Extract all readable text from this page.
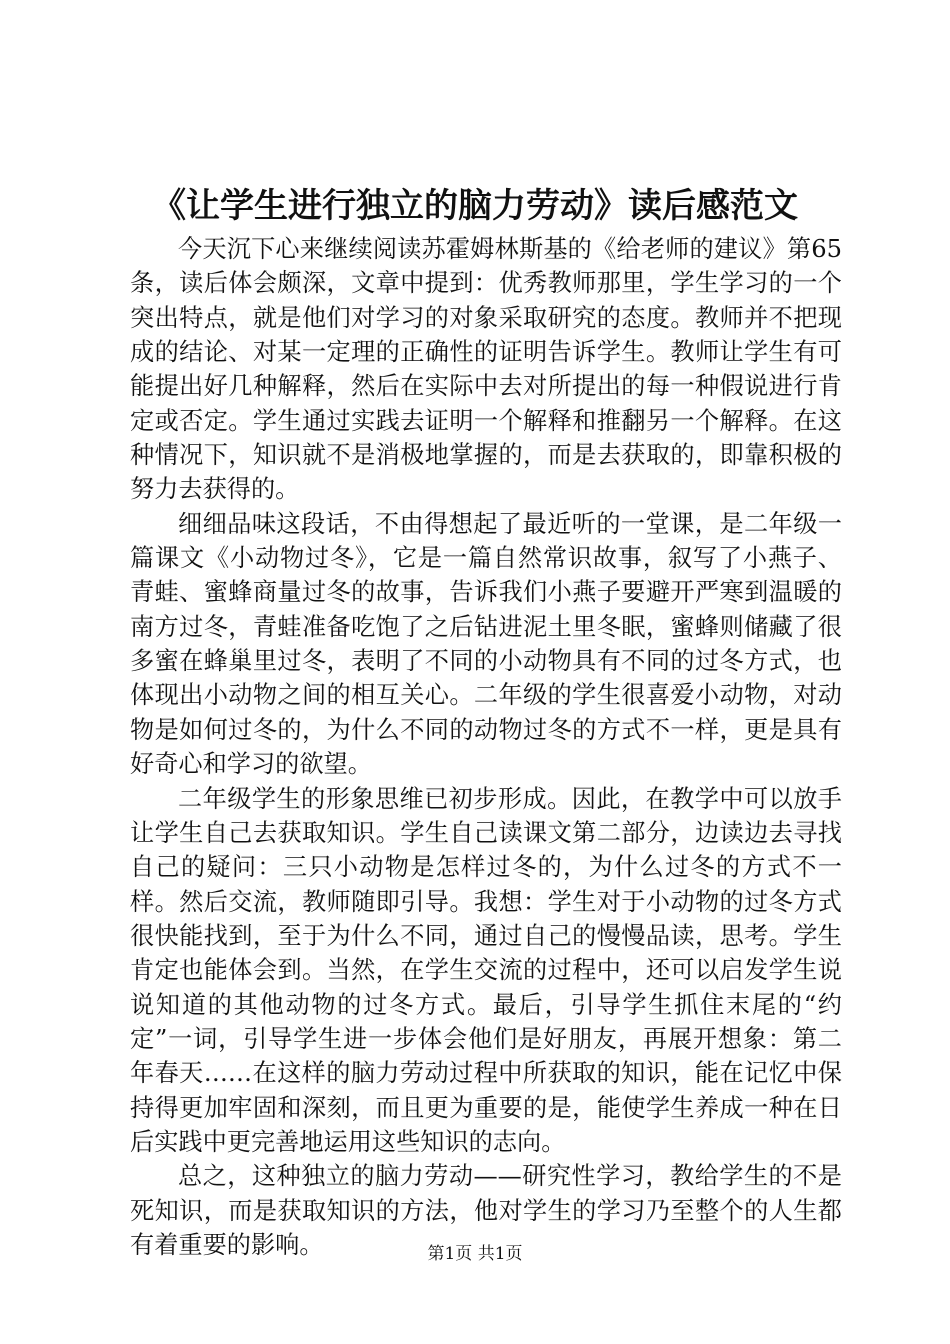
《让学生进行独立的脑力劳动》读后感范文

今天沉下心来继续阅读苏霍姆林斯基的《给老师的建议》第65条，读后体会颇深，文章中提到：优秀教师那里，学生学习的一个突出特点，就是他们对学习的对象采取研究的态度。教师并不把现成的结论、对某一定理的正确性的证明告诉学生。教师让学生有可能提出好几种解释，然后在实际中去对所提出的每一种假说进行肯定或否定。学生通过实践去证明一个解释和推翻另一个解释。在这种情况下，知识就不是消极地掌握的，而是去获取的，即靠积极的努力去获得的。

细细品味这段话，不由得想起了最近听的一堂课，是二年级一篇课文《小动物过冬》，它是一篇自然常识故事，叙写了小燕子、青蛙、蜜蜂商量过冬的故事，告诉我们小燕子要避开严寒到温暖的南方过冬，青蛙准备吃饱了之后钻进泥土里冬眠，蜜蜂则储藏了很多蜜在蜂巢里过冬，表明了不同的小动物具有不同的过冬方式，也体现出小动物之间的相互关心。二年级的学生很喜爱小动物，对动物是如何过冬的，为什么不同的动物过冬的方式不一样，更是具有好奇心和学习的欲望。

二年级学生的形象思维已初步形成。因此，在教学中可以放手让学生自己去获取知识。学生自己读课文第二部分，边读边去寻找自己的疑问：三只小动物是怎样过冬的，为什么过冬的方式不一样。然后交流，教师随即引导。我想：学生对于小动物的过冬方式很快能找到，至于为什么不同，通过自己的慢慢品读，思考。学生肯定也能体会到。当然，在学生交流的过程中，还可以启发学生说说知道的其他动物的过冬方式。最后，引导学生抓住末尾的“约定”一词，引导学生进一步体会他们是好朋友，再展开想象：第二年春天……在这样的脑力劳动过程中所获取的知识，能在记忆中保持得更加牢固和深刻，而且更为重要的是，能使学生养成一种在日后实践中更完善地运用这些知识的志向。

总之，这种独立的脑力劳动——研究性学习，教给学生的不是死知识，而是获取知识的方法，他对学生的学习乃至整个的人生都有着重要的影响。	第1页 共1页
